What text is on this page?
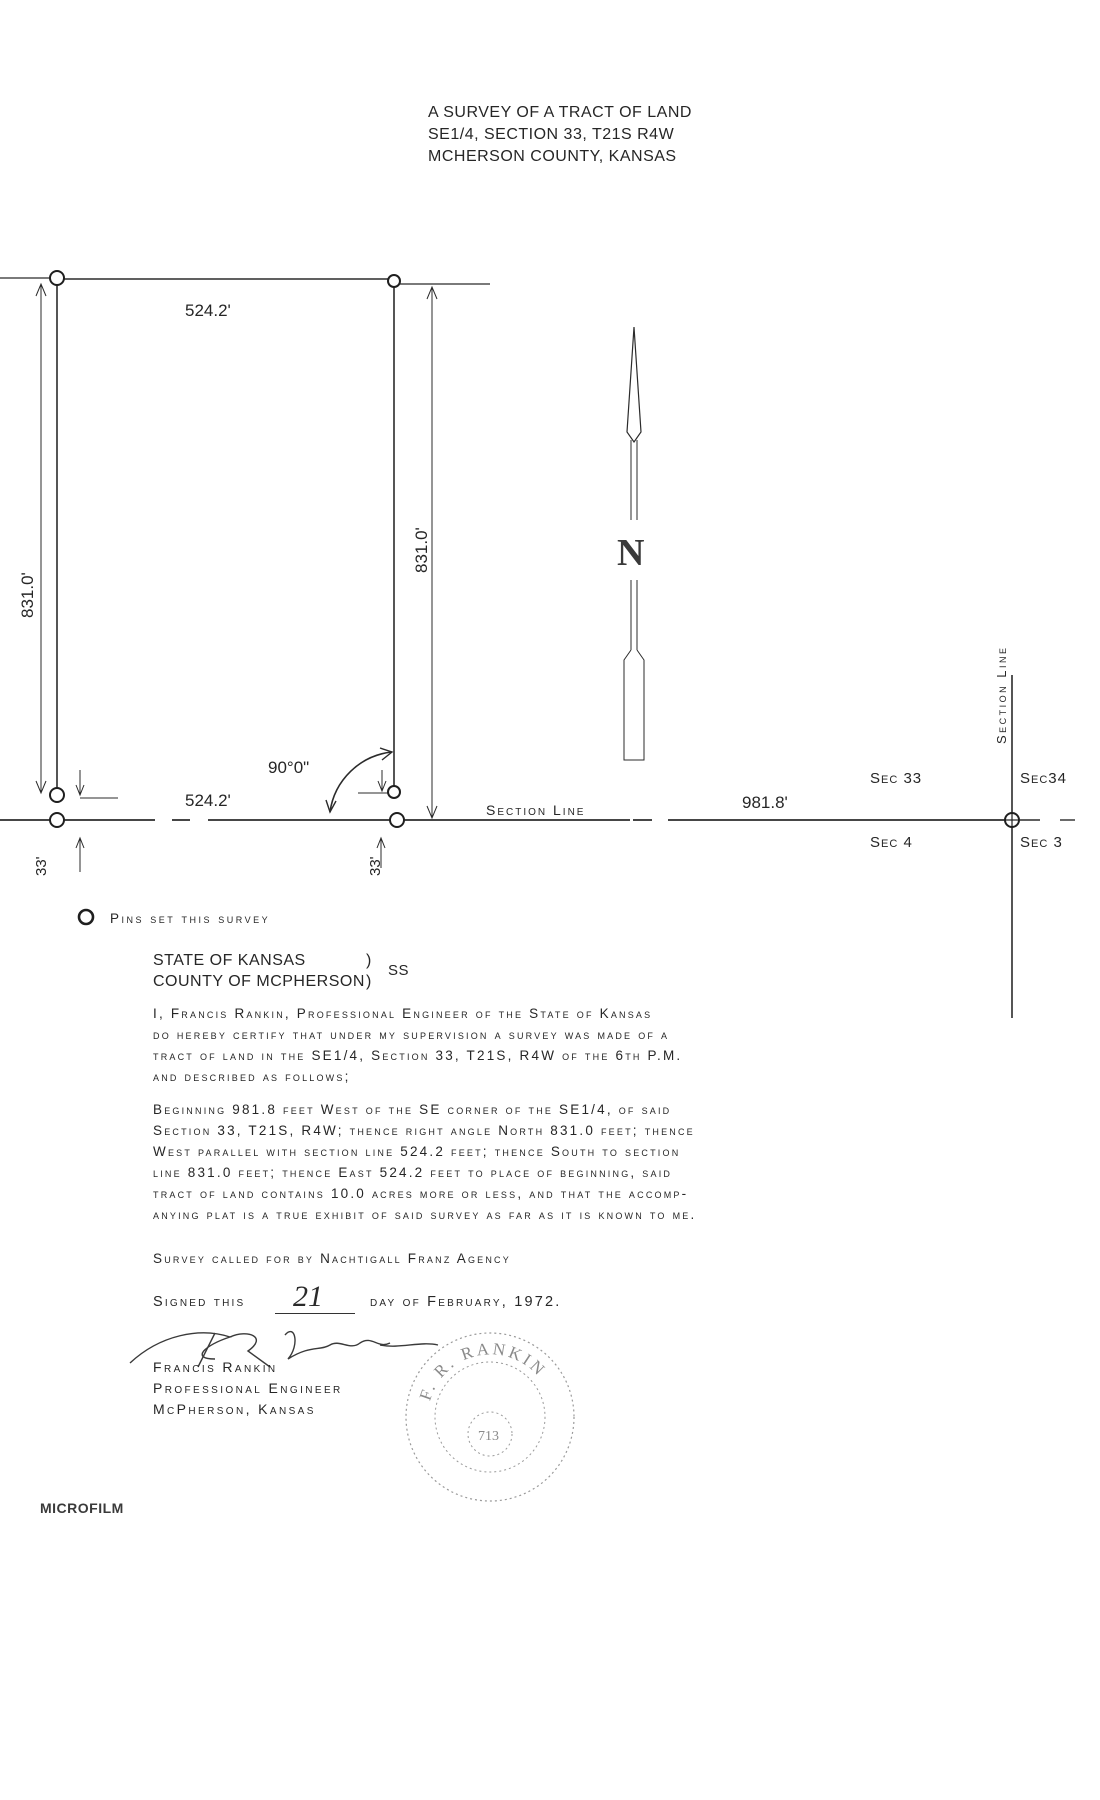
A SURVEY OF A TRACT OF LAND
SE1/4, SECTION 33, T21S R4W
MCHERSON COUNTY, KANSAS
524.2'
524.2'	981.8'
90°0"
831.0'
831.0'
33'	33'
Section Line
Section Line
Sec 33	Sec34
Sec 4	Sec 3
N
Pins set this survey
STATE OF KANSAS
COUNTY OF MCPHERSON
)
)
SS
I, Francis Rankin, Professional Engineer of the State of Kansas
do hereby certify that under my supervision a survey was made of a
tract of land in the SE1/4, Section 33, T21S, R4W of the 6th P.M.
and described as follows;
Beginning 981.8 feet West of the SE corner of the SE1/4, of said
Section 33, T21S, R4W; thence right angle North 831.0 feet; thence
West parallel with section line 524.2 feet; thence South to section
line 831.0 feet; thence East 524.2 feet to place of beginning, said
tract of land contains 10.0 acres more or less, and that the accomp-
anying plat is a true exhibit of said survey as far as it is known to me.
Survey called for by Nachtigall Franz Agency
Signed this 21	day of February, 1972.
Francis Rankin
Professional Engineer
McPherson, Kansas
F. R. RANKIN
713
MICROFILM
